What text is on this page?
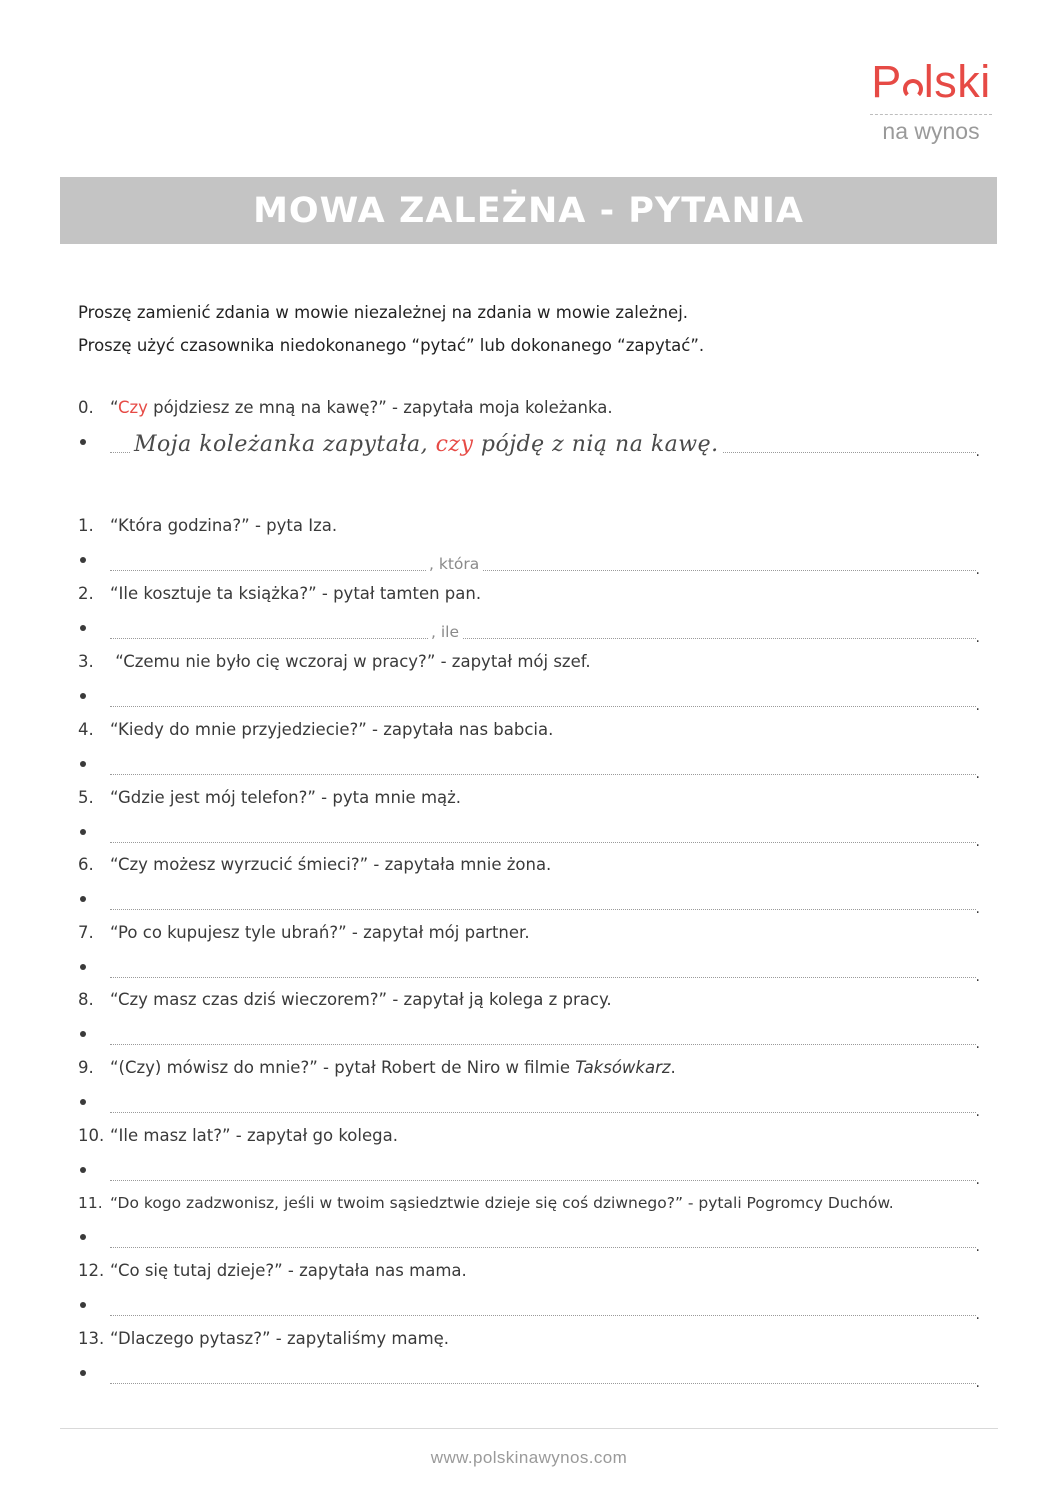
P lski
na wynos
MOWA ZALEŻNA - PYTANIA
Proszę zamienić zdania w mowie niezależnej na zdania w mowie zależnej.
Proszę użyć czasownika niedokonanego “pytać” lub dokonanego “zapytać”.
0. “Czy pójdziesz ze mną na kawę?” - zapytała moja koleżanka.
.
Moja koleżanka zapytała, czy pójdę z nią na kawę.
1. “Która godzina?” - pyta Iza.
.
, która
2. “Ile kosztuje ta książka?” - pytał tamten pan.
.
, ile
3. “Czemu nie było cię wczoraj w pracy?” - zapytał mój szef.
.
4. “Kiedy do mnie przyjedziecie?” - zapytała nas babcia.
.
5. “Gdzie jest mój telefon?” - pyta mnie mąż.
.
6. “Czy możesz wyrzucić śmieci?” - zapytała mnie żona.
.
7. “Po co kupujesz tyle ubrań?” - zapytał mój partner.
.
8. “Czy masz czas dziś wieczorem?” - zapytał ją kolega z pracy.
.
9. “(Czy) mówisz do mnie?” - pytał Robert de Niro w filmie Taksówkarz.
.
10. “Ile masz lat?” - zapytał go kolega.
.
11. “Do kogo zadzwonisz, jeśli w twoim sąsiedztwie dzieje się coś dziwnego?” - pytali Pogromcy Duchów.
.
12. “Co się tutaj dzieje?” - zapytała nas mama.
.
13. “Dlaczego pytasz?” - zapytaliśmy mamę.
.
www.polskinawynos.com
